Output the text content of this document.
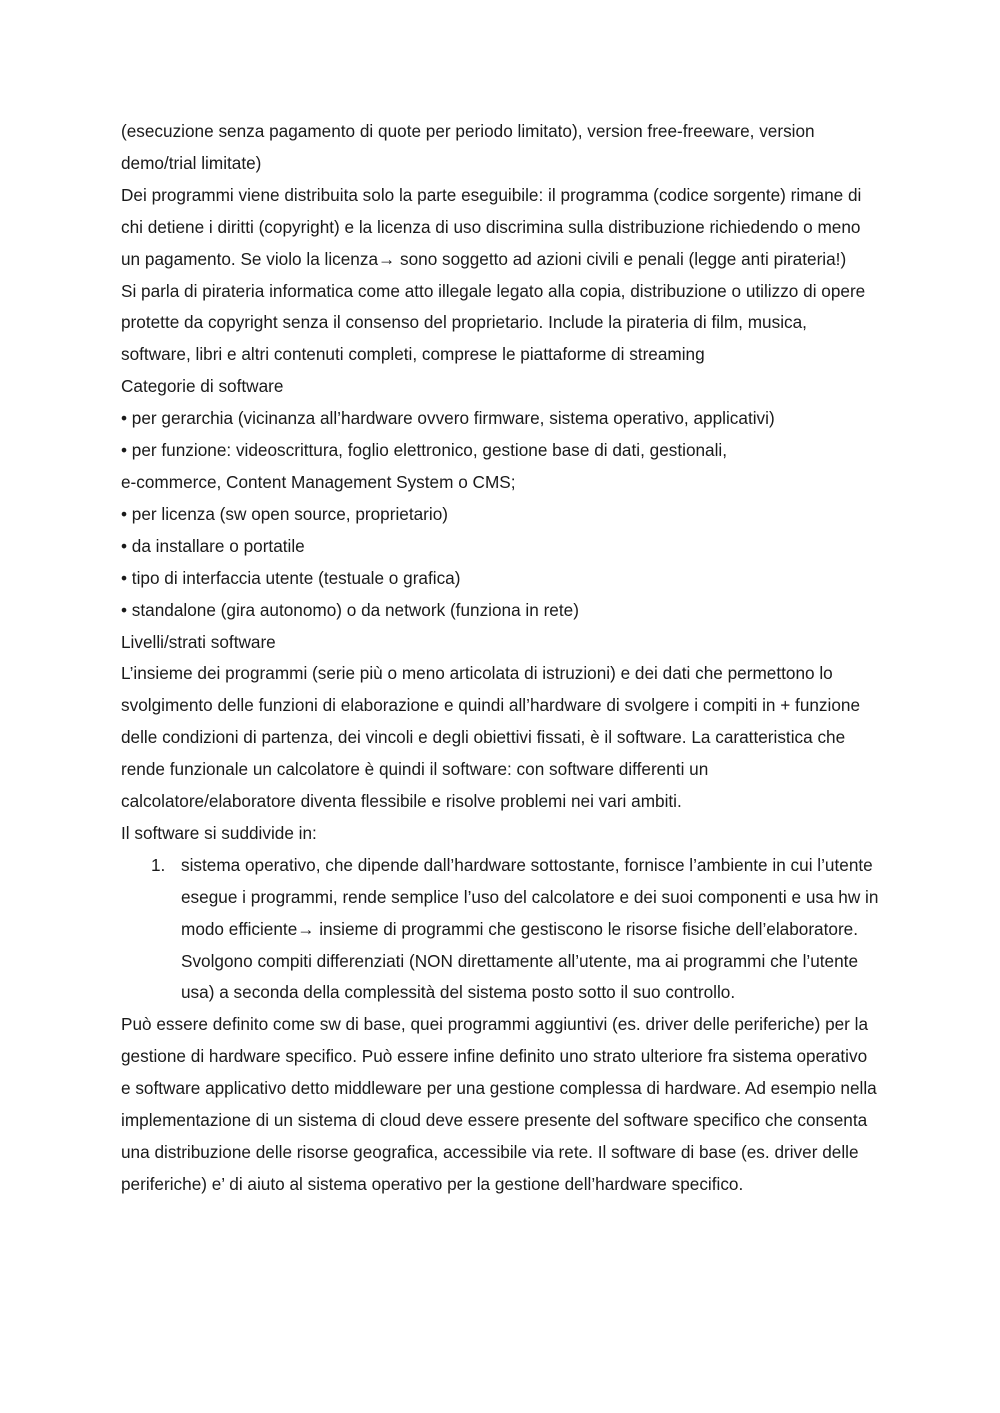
(esecuzione senza pagamento di quote per periodo limitato), version free-freeware, version demo/trial limitate)

Dei programmi viene distribuita solo la parte eseguibile: il programma (codice sorgente) rimane di chi detiene i diritti (copyright) e la licenza di uso discrimina sulla distribuzione richiedendo o meno un pagamento. Se violo la licenza→ sono soggetto ad azioni civili e penali (legge anti pirateria!)

Si parla di pirateria informatica come atto illegale legato alla copia, distribuzione o utilizzo di opere protette da copyright senza il consenso del proprietario. Include la pirateria di film, musica, software, libri e altri contenuti completi, comprese le piattaforme di streaming

Categorie di software

• per gerarchia (vicinanza all’hardware ovvero firmware, sistema operativo, applicativi)

• per funzione: videoscrittura, foglio elettronico, gestione base di dati, gestionali,

e-commerce, Content Management System o CMS;

• per licenza (sw open source, proprietario)

• da installare o portatile

• tipo di interfaccia utente (testuale o grafica)

• standalone (gira autonomo) o da network (funziona in rete)

Livelli/strati software

L’insieme dei programmi (serie più o meno articolata di istruzioni) e dei dati che permettono lo svolgimento delle funzioni di elaborazione e quindi all’hardware di svolgere i compiti in + funzione delle condizioni di partenza, dei vincoli e degli obiettivi fissati, è il software. La caratteristica che rende funzionale un calcolatore è quindi il software: con software differenti un calcolatore/elaboratore diventa flessibile e risolve problemi nei vari ambiti.

Il software si suddivide in:

1. sistema operativo, che dipende dall’hardware sottostante, fornisce l’ambiente in cui l’utente esegue i programmi, rende semplice l’uso del calcolatore e dei suoi componenti e usa hw in modo efficiente→ insieme di programmi che gestiscono le risorse fisiche dell’elaboratore. Svolgono compiti differenziati (NON direttamente all’utente, ma ai programmi che l’utente usa) a seconda della complessità del sistema posto sotto il suo controllo.

Può essere definito come sw di base, quei programmi aggiuntivi (es. driver delle periferiche) per la gestione di hardware specifico. Può essere infine definito uno strato ulteriore fra sistema operativo e software applicativo detto middleware per una gestione complessa di hardware. Ad esempio nella implementazione di un sistema di cloud deve essere presente del software specifico che consenta una distribuzione delle risorse geografica, accessibile via rete. Il software di base (es. driver delle periferiche) e’ di aiuto al sistema operativo per la gestione dell’hardware specifico.
